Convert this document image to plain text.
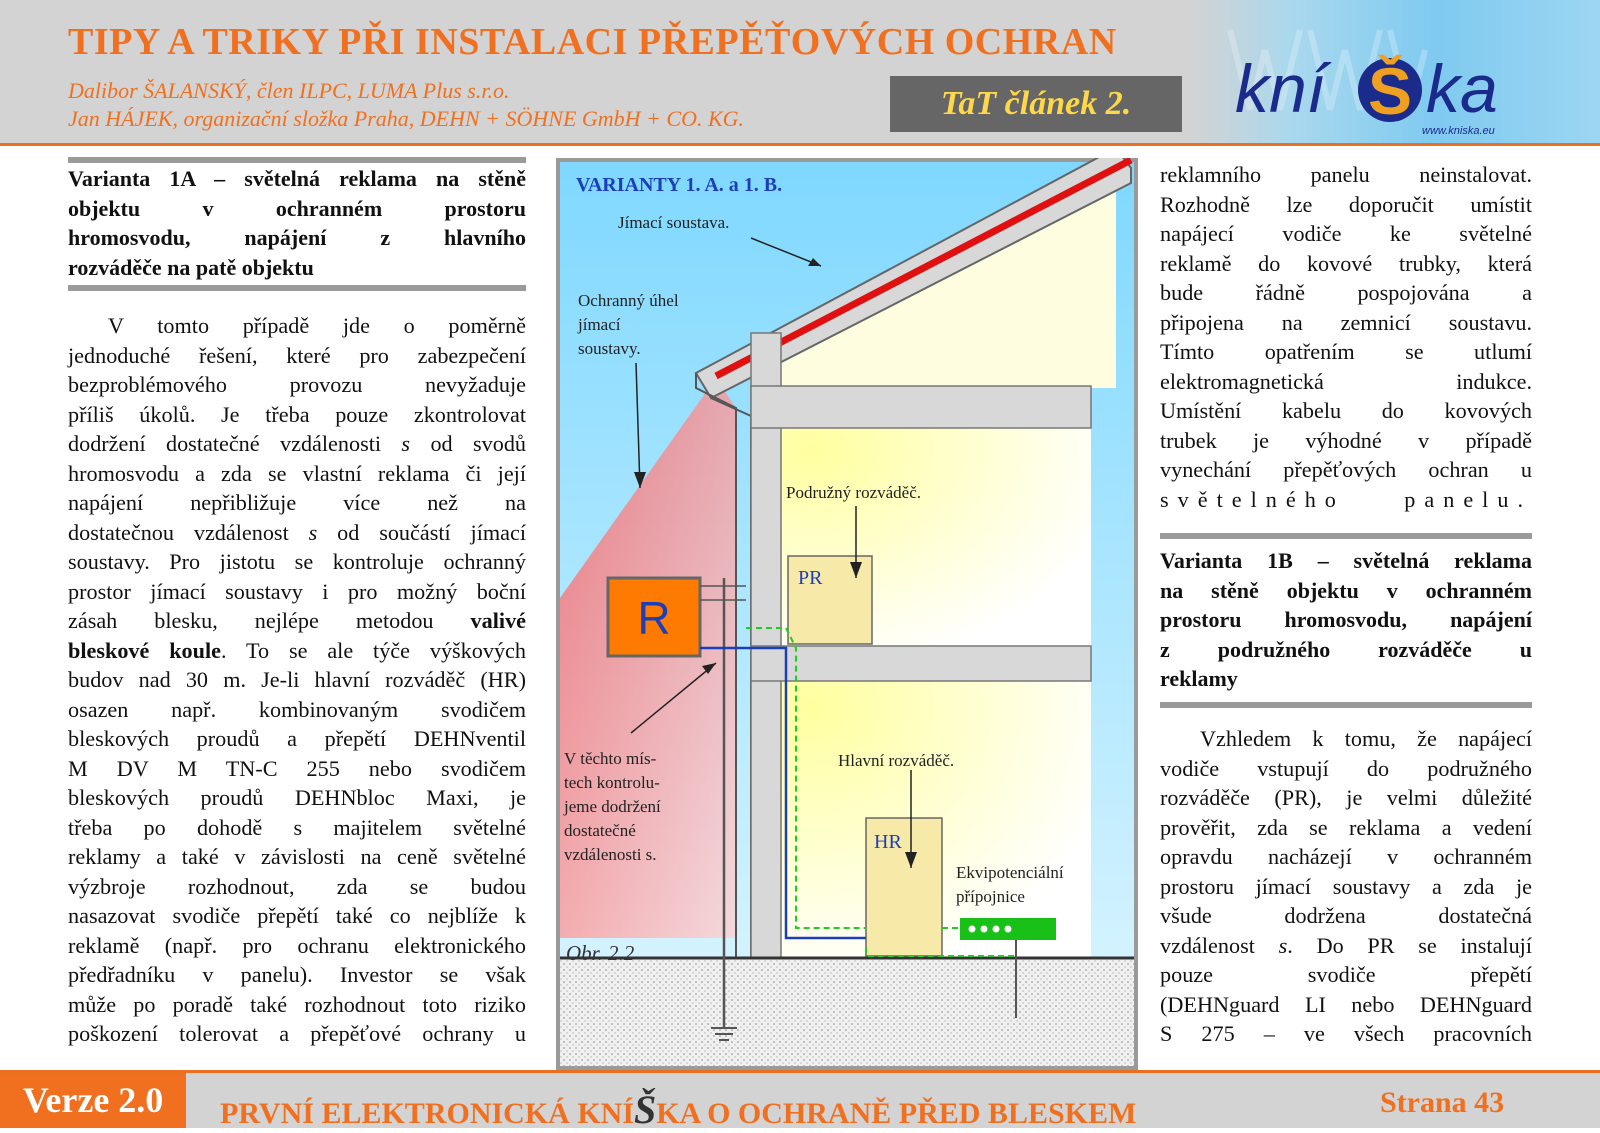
TIPY A TRIKY PŘI INSTALACI PŘEPĚŤOVÝCH OCHRAN
Dalibor ŠALANSKÝ, člen ILPC, LUMA Plus s.r.o.
Jan HÁJEK, organizační složka Praha, DEHN + SÖHNE GmbH + CO. KG.	TaT článek 2.	kní Š ka
www.kniska.eu
Varianta 1A – světelná reklama na stěně
objektu v ochranném prostoru
hromosvodu, napájení z hlavního
rozváděče na patě objektu

V tomto případě jde o poměrně

jednoduché řešení, které pro zabezpečení

bezproblémového provozu nevyžaduje

příliš úkolů. Je třeba pouze zkontrolovat

dodržení dostatečné vzdálenosti s od svodů

hromosvodu a zda se vlastní reklama či její

napájení nepřibližuje více než na

dostatečnou vzdálenost s od součástí jímací

soustavy. Pro jistotu se kontroluje ochranný

prostor jímací soustavy i pro možný boční

zásah blesku, nejlépe metodou valivé

bleskové koule. To se ale týče výškových

budov nad 30 m. Je-li hlavní rozváděč (HR)

osazen např. kombinovaným svodičem

bleskových proudů a přepětí DEHNventil

M DV M TN-C 255 nebo svodičem

bleskových proudů DEHNbloc Maxi, je

třeba po dohodě s majitelem světelné

reklamy a také v závislosti na ceně světelné

výzbroje rozhodnout, zda se budou

nasazovat svodiče přepětí také co nejblíže k

reklamě (např. pro ochranu elektronického

předřadníku v panelu). Investor se však

může po poradě také rozhodnout toto riziko

poškození tolerovat a přepěťové ochrany u

R
PR
HR
VARIANTY 1. A. a 1. B.
Jímací soustava.
Ochranný úhel
jímací
soustavy.
Podružný rozváděč.
Hlavní rozváděč.
Ekvipotenciální
přípojnice
V těchto mís-
tech kontrolu-
jeme dodržení
dostatečné
vzdálenosti s.
Obr. 2.2

reklamního panelu neinstalovat.

Rozhodně lze doporučit umístit

napájecí vodiče ke světelné

reklamě do kovové trubky, která

bude řádně pospojována a

připojena na zemnicí soustavu.

Tímto opatřením se utlumí

elektromagnetická indukce.

Umístění kabelu do kovových

trubek je výhodné v případě

vynechání přepěťových ochran u

světelného panelu.

Varianta 1B – světelná reklama
na stěně objektu v ochranném
prostoru hromosvodu, napájení
z podružného rozváděče u
reklamy

Vzhledem k tomu, že napájecí

vodiče vstupují do podružného

rozváděče (PR), je velmi důležité

prověřit, zda se reklama a vedení

opravdu nacházejí v ochranném

prostoru jímací soustavy a zda je

všude dodržena dostatečná

vzdálenost s. Do PR se instalují

pouze svodiče přepětí

(DEHNguard LI nebo DEHNguard

S 275 – ve všech pracovních

Verze 2.0	PRVNÍ ELEKTRONICKÁ KNÍŠKA O OCHRANĚ PŘED BLESKEM	Strana 43
